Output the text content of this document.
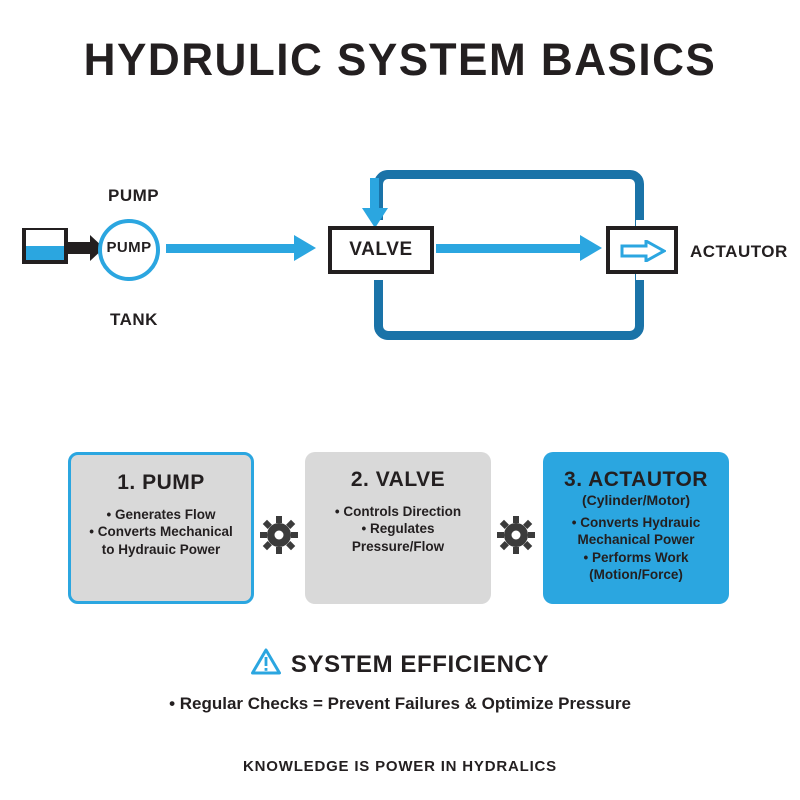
HYDRULIC SYSTEM BASICS
PUMP
PUMP
TANK
VALVE	ACTAUTOR
1. PUMP
• Generates Flow
• Converts Mechanical
to Hydrauic Power
2. VALVE
• Controls Direction
• Regulates
Pressure/Flow
3. ACTAUTOR
(Cylinder/Motor)
• Converts Hydrauic
Mechanical Power
• Performs Work
(Motion/Force)
SYSTEM EFFICIENCY
• Regular Checks = Prevent Failures & Optimize Pressure
KNOWLEDGE IS POWER IN HYDRALICS
